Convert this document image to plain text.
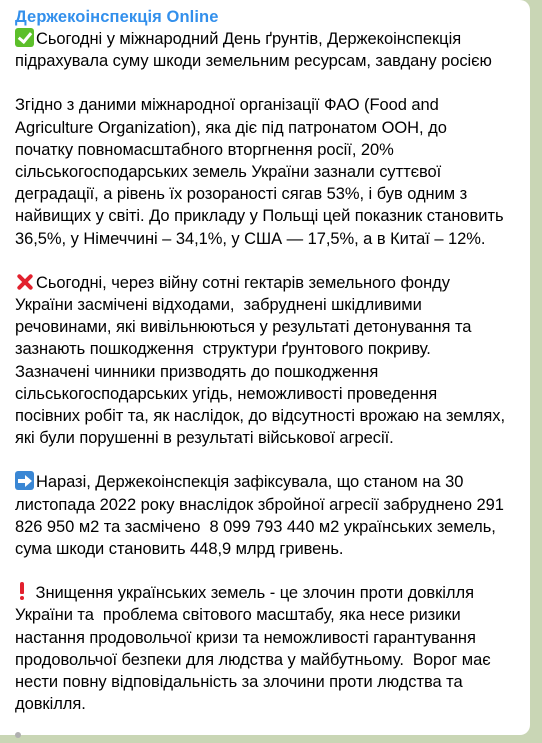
Держекоінспекція Online
Сьогодні у міжнародний День ґрунтів, Держекоінспекція
підрахувала суму шкоди земельним ресурсам, завдану росією
Згідно з даними міжнародної організації ФАО (Food and
Agriculture Organization), яка діє під патронатом ООН, до
початку повномасштабного вторгнення росії, 20%
сільськогосподарських земель України зазнали суттєвої
деградації, а рівень їх розораності сягав 53%, і був одним з
найвищих у світі. До прикладу у Польщі цей показник становить
36,5%, у Німеччині – 34,1%, у США — 17,5%, а в Китаї – 12%.
Сьогодні, через війну сотні гектарів земельного фонду
України засмічені відходами,  забруднені шкідливими
речовинами, які вивільнюються у результаті детонування та
зазнають пошкодження  структури ґрунтового покриву.
Зазначені чинники призводять до пошкодження
сільськогосподарських угідь, неможливості проведення
посівних робіт та, як наслідок, до відсутності врожаю на землях,
які були порушенні в результаті військової агресії.
Наразі, Держекоінспекція зафіксувала, що станом на 30
листопада 2022 року внаслідок збройної агресії забруднено 291
826 950 м2 та засмічено  8 099 793 440 м2 українських земель,
сума шкоди становить 448,9 млрд гривень.
Знищення українських земель - це злочин проти довкілля
України та  проблема світового масштабу, яка несе ризики
настання продовольчої кризи та неможливості гарантування
продовольчої безпеки для людства у майбутньому.  Ворог має
нести повну відповідальність за злочини проти людства та
довкілля.
